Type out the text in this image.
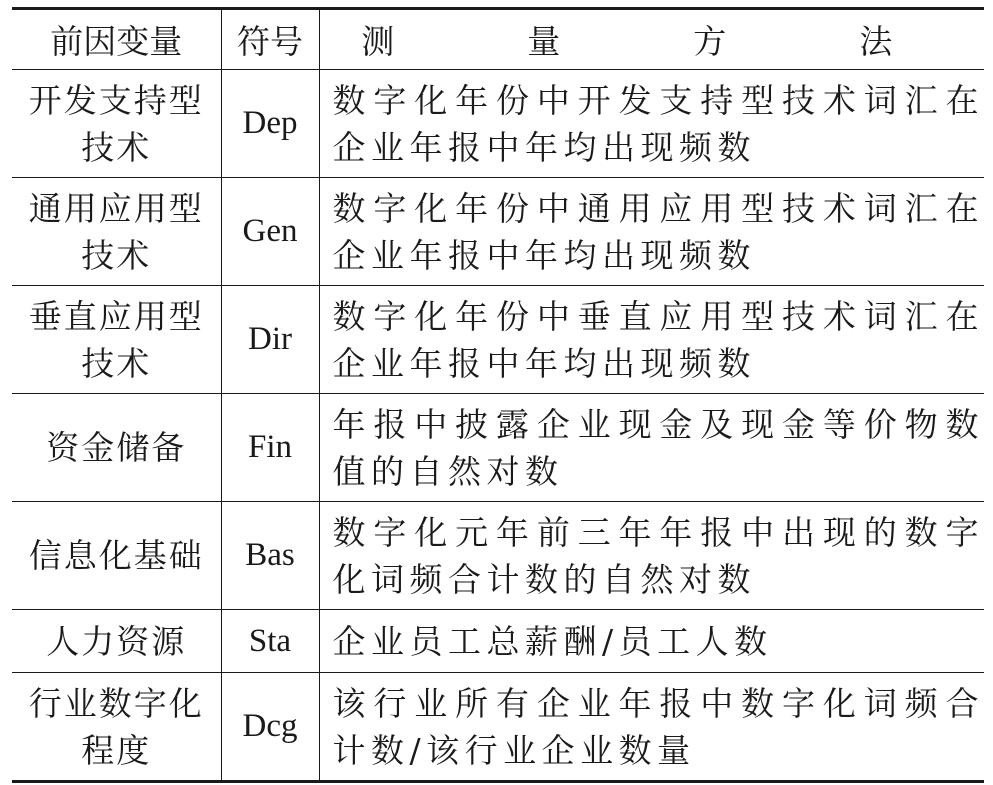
前因变量	符号	测　量　方　法
开发支持型技术	Dep	数字化年份中开发支持型技术词汇在企业年报中年均出现频数
通用应用型技术	Gen	数字化年份中通用应用型技术词汇在企业年报中年均出现频数
垂直应用型技术	Dir	数字化年份中垂直应用型技术词汇在企业年报中年均出现频数
资金储备	Fin	年报中披露企业现金及现金等价物数值的自然对数
信息化基础	Bas	数字化元年前三年年报中出现的数字化词频合计数的自然对数
人力资源	Sta	企业员工总薪酬/员工人数
行业数字化程度	Dcg	该行业所有企业年报中数字化词频合计数/该行业企业数量
